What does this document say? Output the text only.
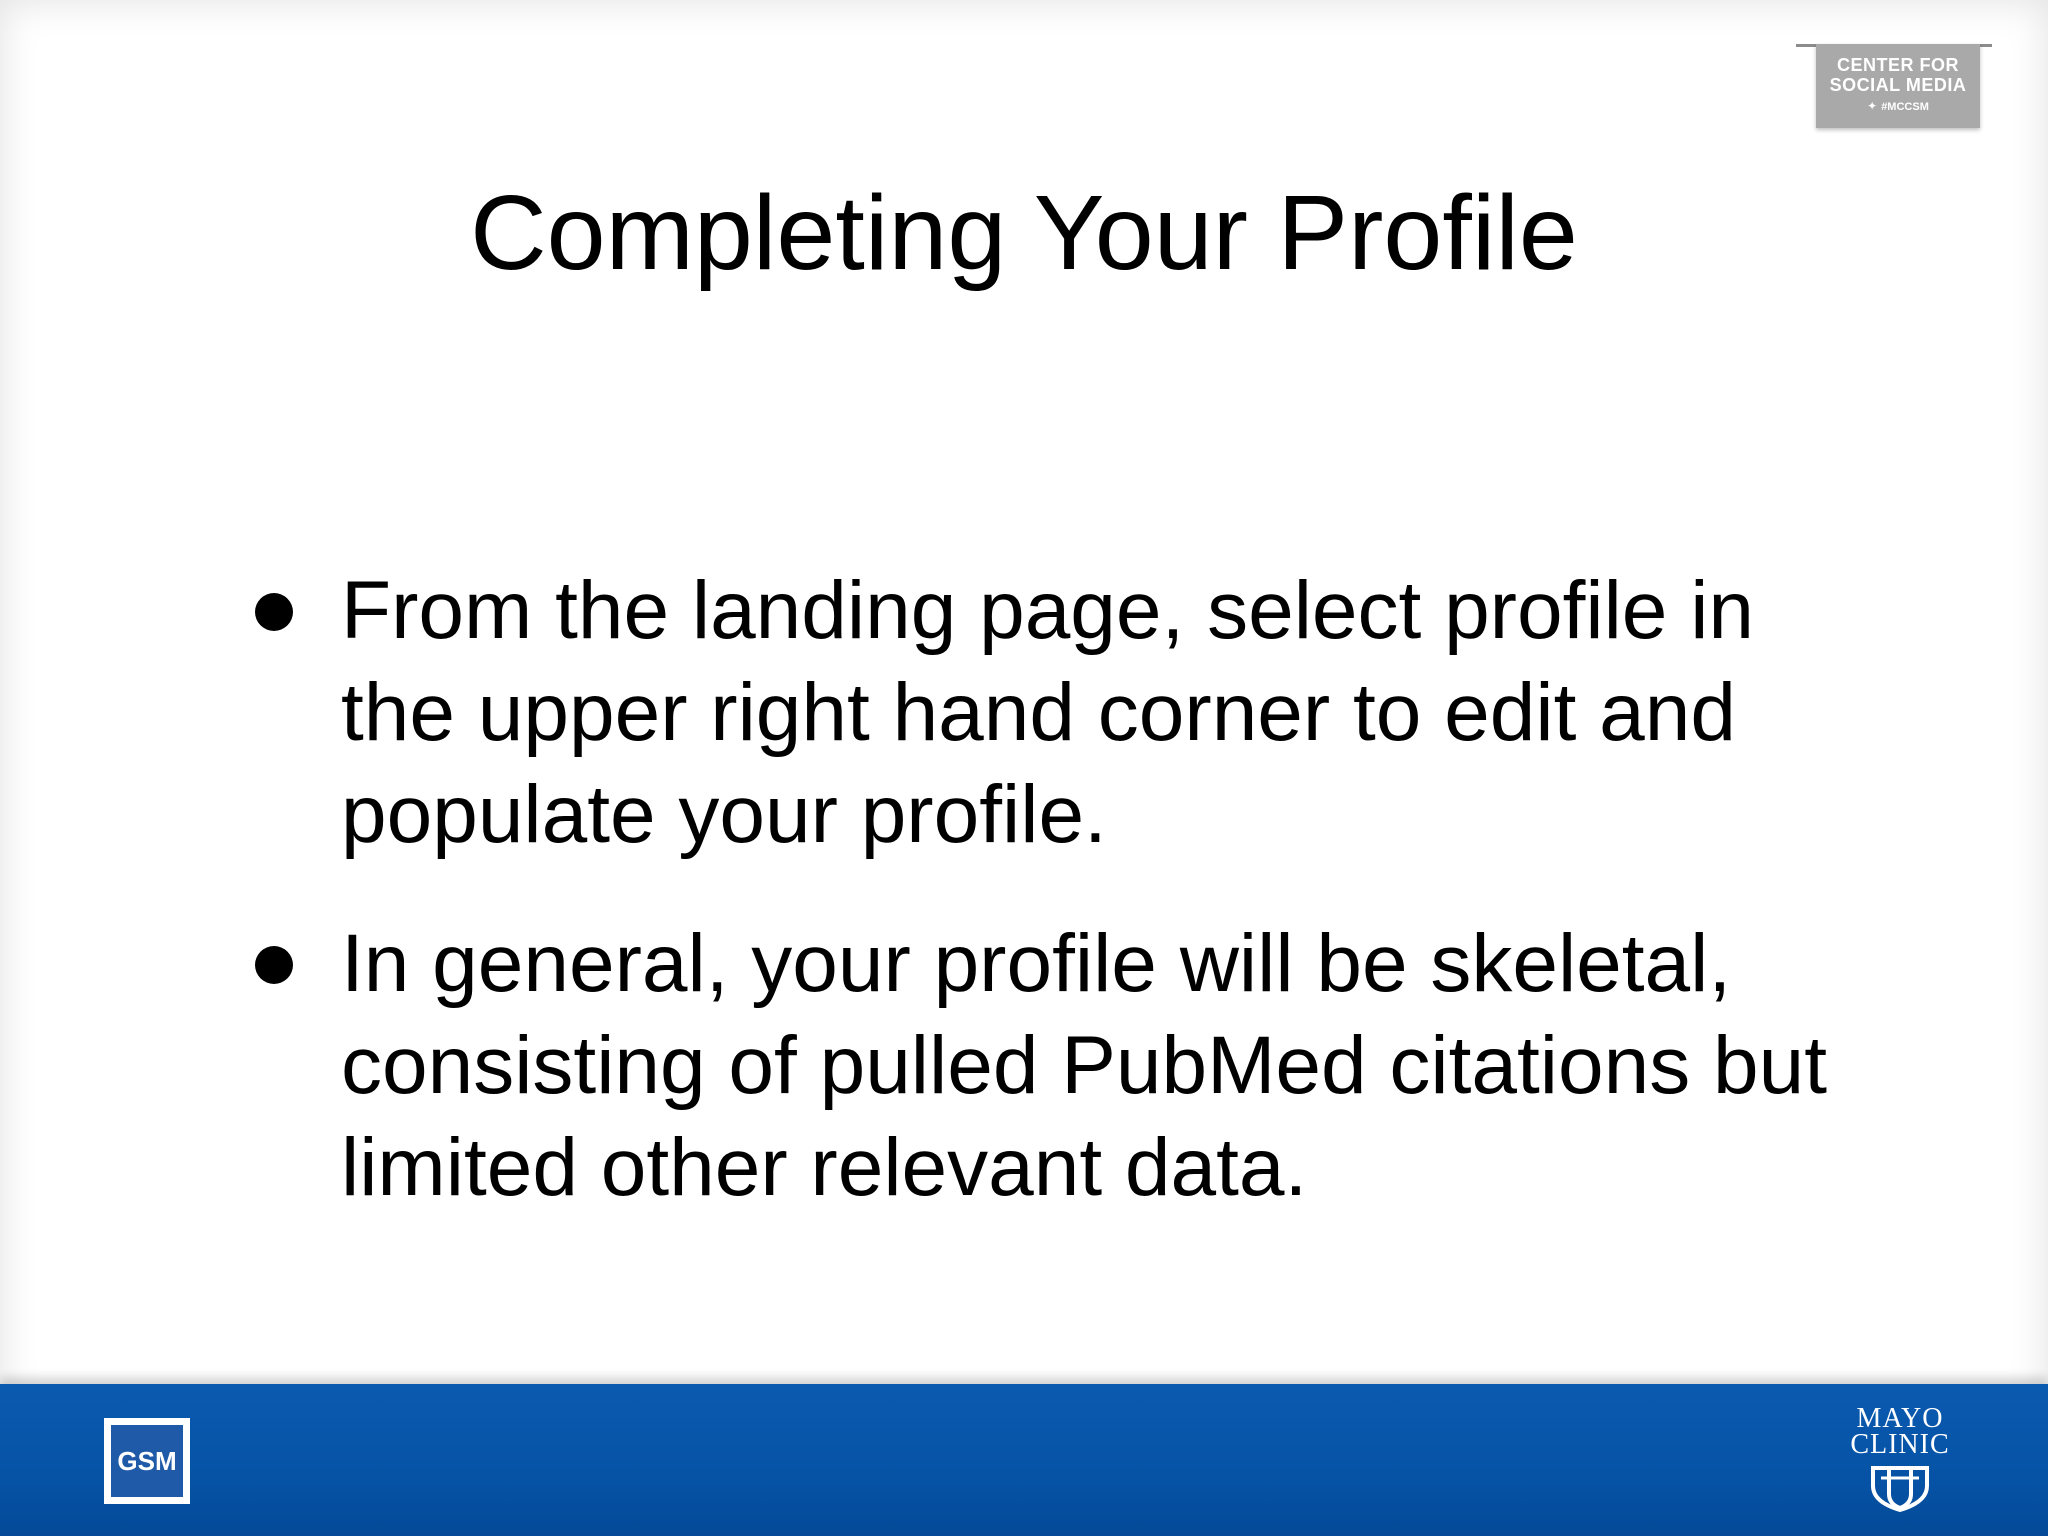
CENTER FOR
SOCIAL MEDIA
✦ #MCCSM
Completing Your Profile
From the landing page, select profile in the upper right hand corner to edit and populate your profile.
In general, your profile will be skeletal, consisting of pulled PubMed citations but limited other relevant data.
GSM
MAYO
CLINIC
